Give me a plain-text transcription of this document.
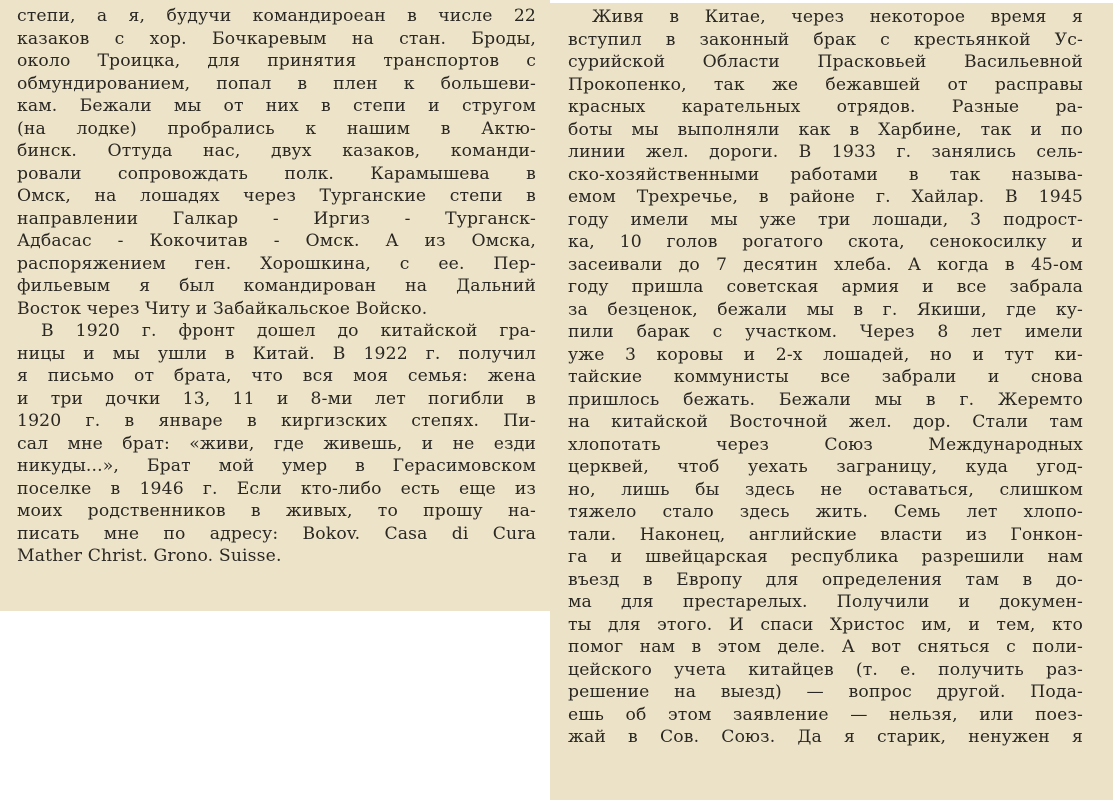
степи, а я, будучи командироеан в числе 22
казаков с хор. Бочкаревым на стан. Броды,
около Троицка, для принятия транспортов с
обмундированием, попал в плен к большеви-
кам. Бежали мы от них в степи и стругом
(на лодке) пробрались к нашим в Актю-
бинск. Оттуда нас, двух казаков, команди-
ровали сопровождать полк. Карамышева в
Омск, на лошадях через Турганские степи в
направлении Галкар - Иргиз - Турганск-
Адбасас - Кокочитав - Омск. А из Омска,
распоряжением ген. Хорошкина, с ее. Пер-
фильевым я был командирован на Дальний
Восток через Читу и Забайкальское Войско.
В 1920 г. фронт дошел до китайской гра-
ницы и мы ушли в Китай. В 1922 г. получил
я письмо от брата, что вся моя семья: жена
и три дочки 13, 11 и 8-ми лет погибли в
1920 г. в январе в киргизских степях. Пи-
сал мне брат: «живи, где живешь, и не езди
никуды...», Брат мой умер в Герасимовском
поселке в 1946 г. Если кто-либо есть еще из
моих родственников в живых, то прошу на-
писать мне по адресу: Bokov. Casa di Cura
Mather Christ. Grono. Suisse.
Живя в Китае, через некоторое время я
вступил в законный брак с крестьянкой Ус-
сурийской Области Прасковьей Васильевной
Прокопенко, так же бежавшей от расправы
красных карательных отрядов. Разные ра-
боты мы выполняли как в Харбине, так и по
линии жел. дороги. В 1933 г. занялись сель-
ско-хозяйственными работами в так называ-
емом Трехречье, в районе г. Хайлар. В 1945
году имели мы уже три лошади, 3 подрост-
ка, 10 голов рогатого скота, сенокосилку и
засеивали до 7 десятин хлеба. А когда в 45-ом
году пришла советская армия и все забрала
за безценок, бежали мы в г. Якиши, где ку-
пили барак с участком. Через 8 лет имели
уже 3 коровы и 2-х лошадей, но и тут ки-
тайские коммунисты все забрали и снова
пришлось бежать. Бежали мы в г. Жеремто
на китайской Восточной жел. дор. Стали там
хлопотать через Союз Международных
церквей, чтоб уехать заграницу, куда угод-
но, лишь бы здесь не оставаться, слишком
тяжело стало здесь жить. Семь лет хлопо-
тали. Наконец, английские власти из Гонкон-
га и швейцарская республика разрешили нам
въезд в Европу для определения там в до-
ма для престарелых. Получили и докумен-
ты для этого. И спаси Христос им, и тем, кто
помог нам в этом деле. А вот сняться с поли-
цейского учета китайцев (т. е. получить раз-
решение на выезд) — вопрос другой. Пода-
ешь об этом заявление — нельзя, или поез-
жай в Сов. Союз. Да я старик, ненужен я
